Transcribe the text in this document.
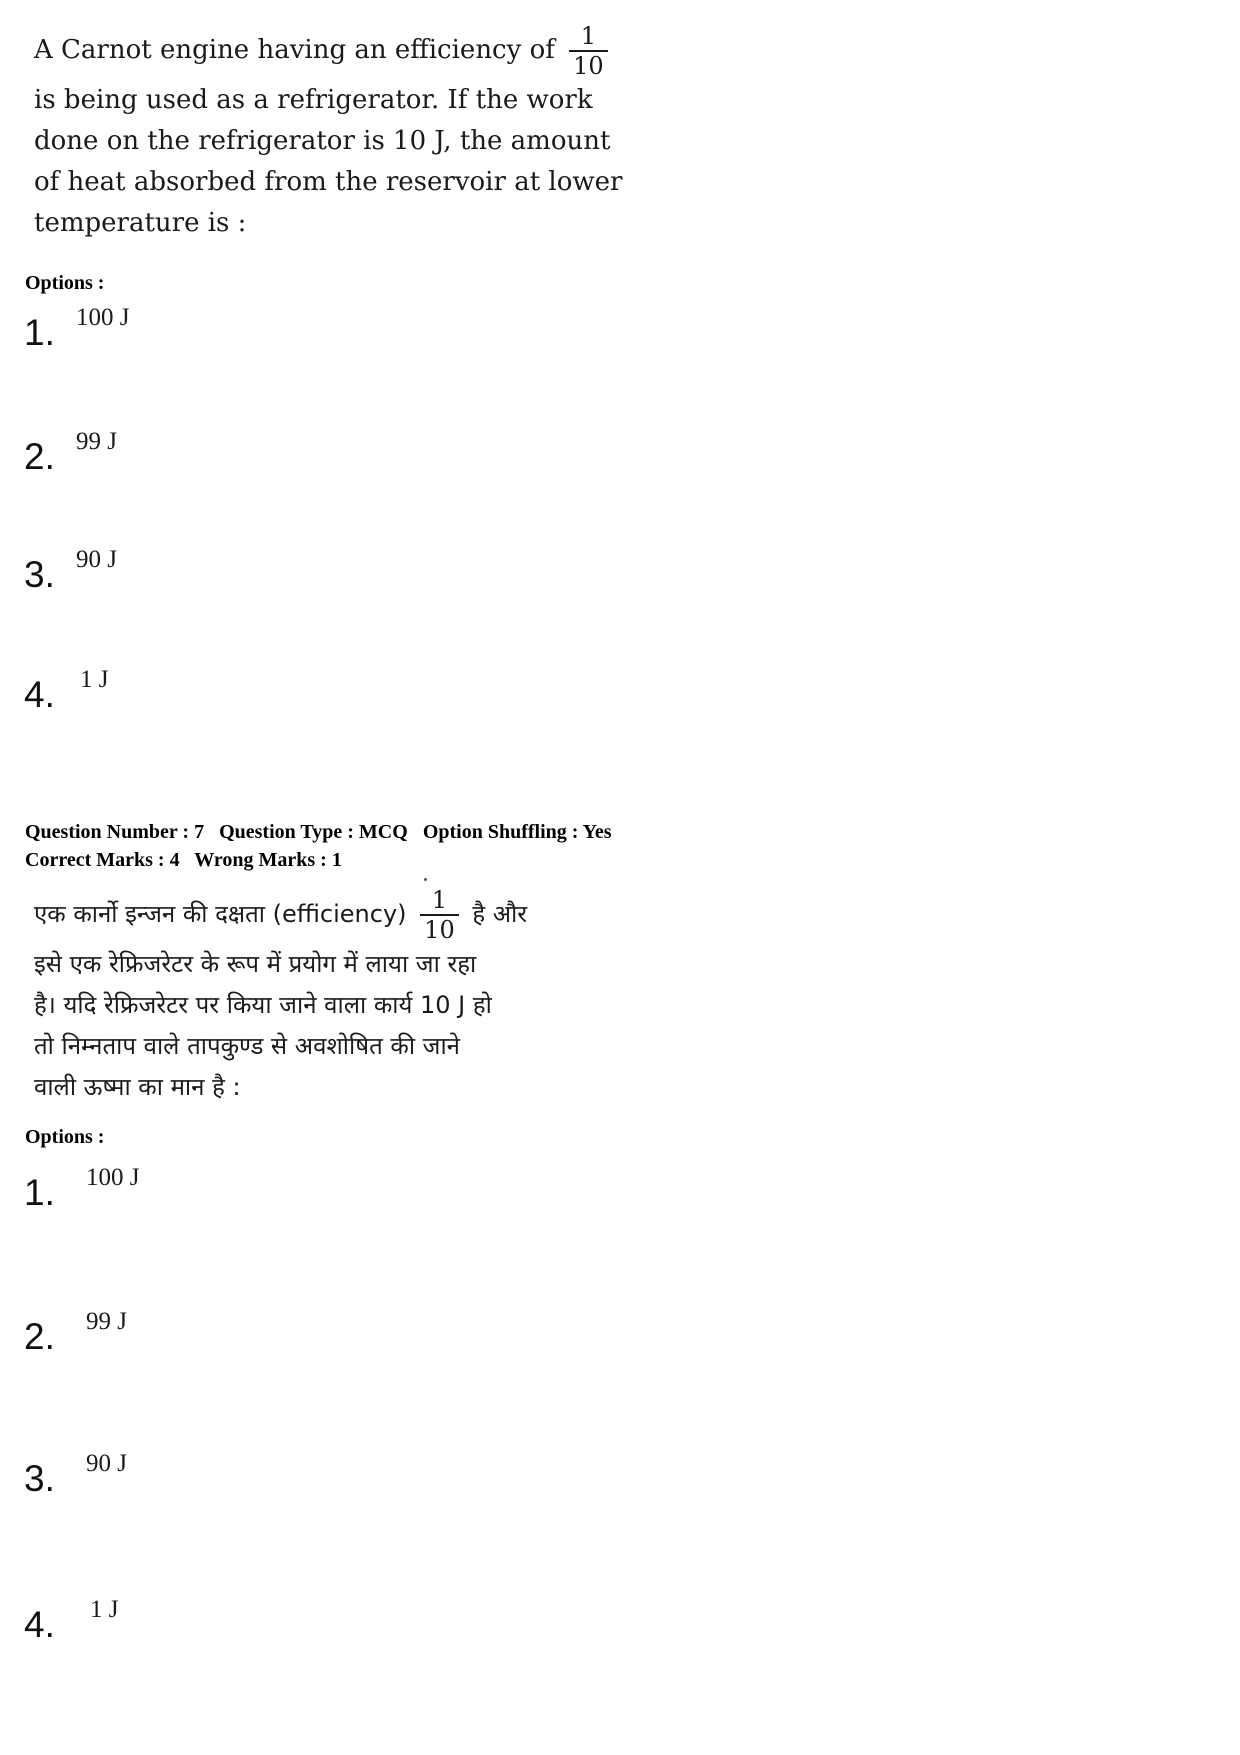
A Carnot engine having an efficiency of $\frac{1}{10}$
is being used as a refrigerator. If the work
done on the refrigerator is 10 J, the amount
of heat absorbed from the reservoir at lower
temperature is :
Options :
1. 100 J
2. 99 J
3. 90 J
4. 1 J
Question Number : 7 Question Type : MCQ Option Shuffling : Yes
Correct Marks : 4 Wrong Marks : 1
एक कार्नो इन्जन की दक्षता (efficiency) $\frac{1}{10}$ है और
इसे एक रेफ्रिजरेटर के रूप में प्रयोग में लाया जा रहा
है। यदि रेफ्रिजरेटर पर किया जाने वाला कार्य 10 J हो
तो निम्नताप वाले तापकुण्ड से अवशोषित की जाने
वाली ऊष्मा का मान है :
Options :
1. 100 J
2. 99 J
3. 90 J
4. 1 J
